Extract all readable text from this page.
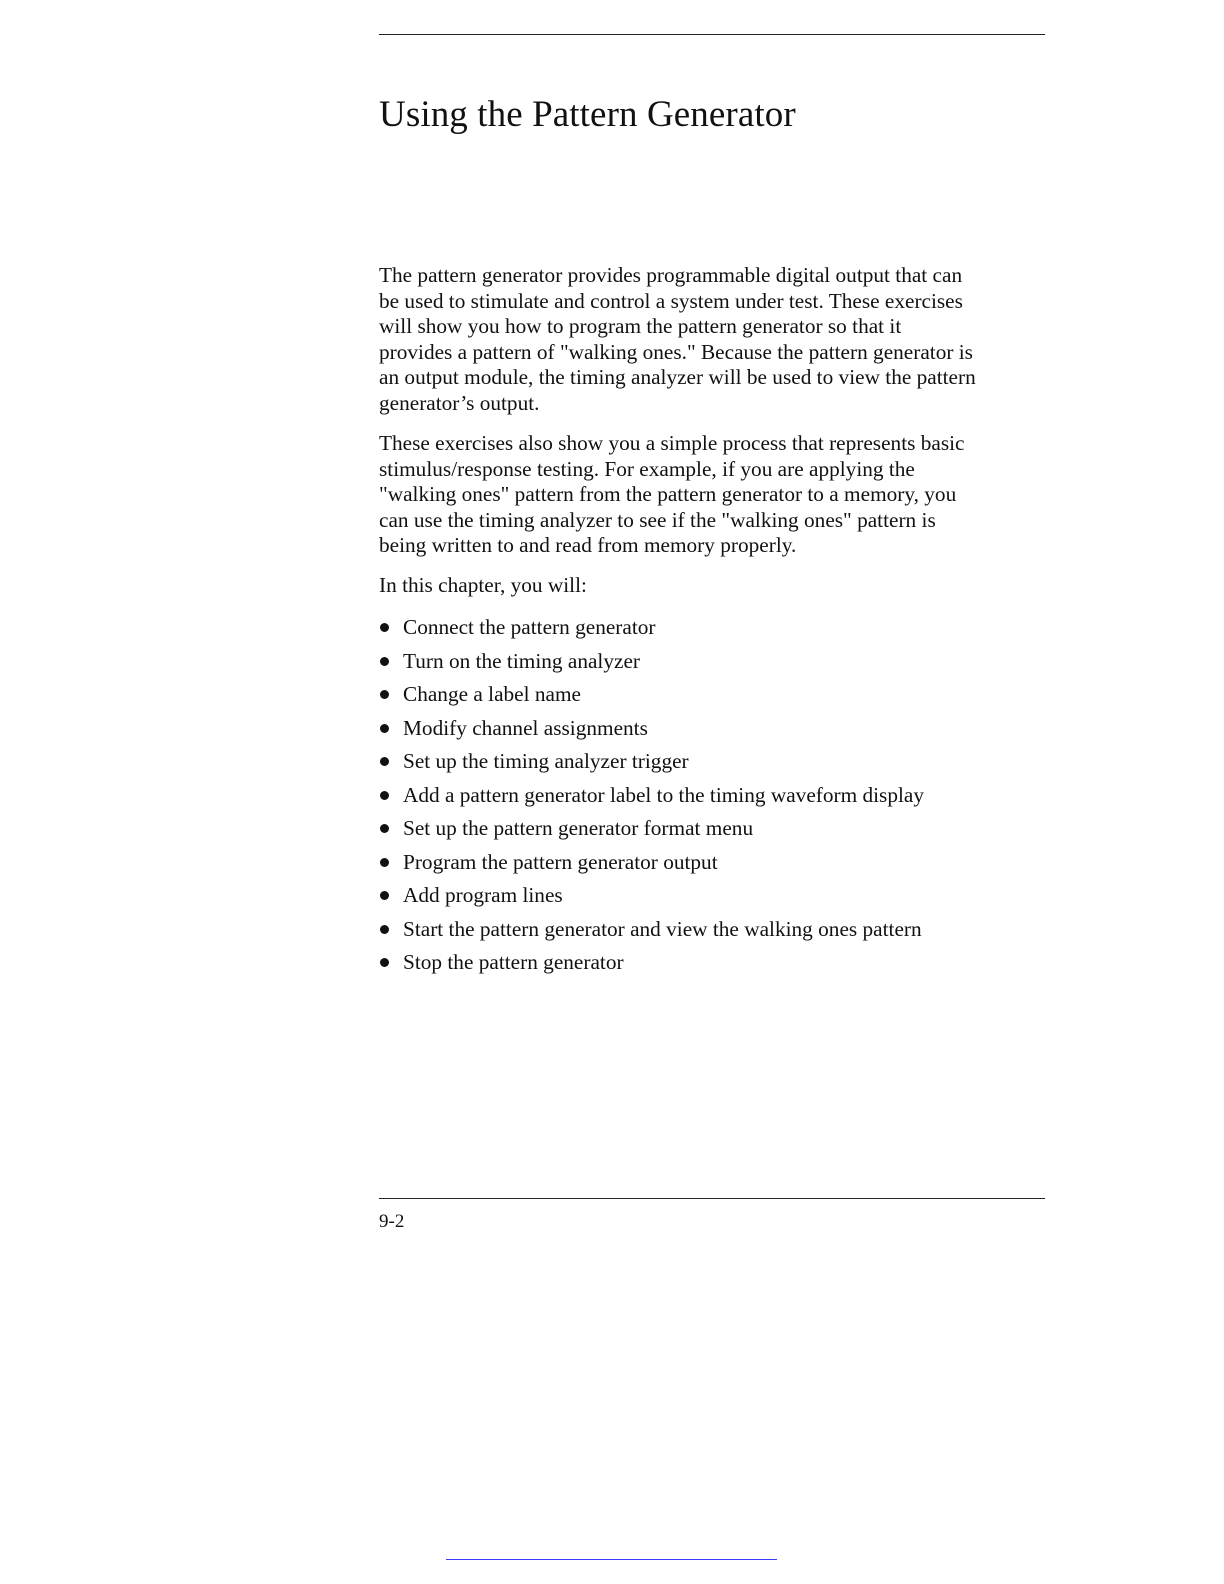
Using the Pattern Generator
The pattern generator provides programmable digital output that can
be used to stimulate and control a system under test. These exercises
will show you how to program the pattern generator so that it
provides a pattern of "walking ones." Because the pattern generator is
an output module, the timing analyzer will be used to view the pattern
generator’s output.
These exercises also show you a simple process that represents basic
stimulus/response testing. For example, if you are applying the
"walking ones" pattern from the pattern generator to a memory, you
can use the timing analyzer to see if the "walking ones" pattern is
being written to and read from memory properly.
In this chapter, you will:
Connect the pattern generator
Turn on the timing analyzer
Change a label name
Modify channel assignments
Set up the timing analyzer trigger
Add a pattern generator label to the timing waveform display
Set up the pattern generator format menu
Program the pattern generator output
Add program lines
Start the pattern generator and view the walking ones pattern
Stop the pattern generator
9-2
